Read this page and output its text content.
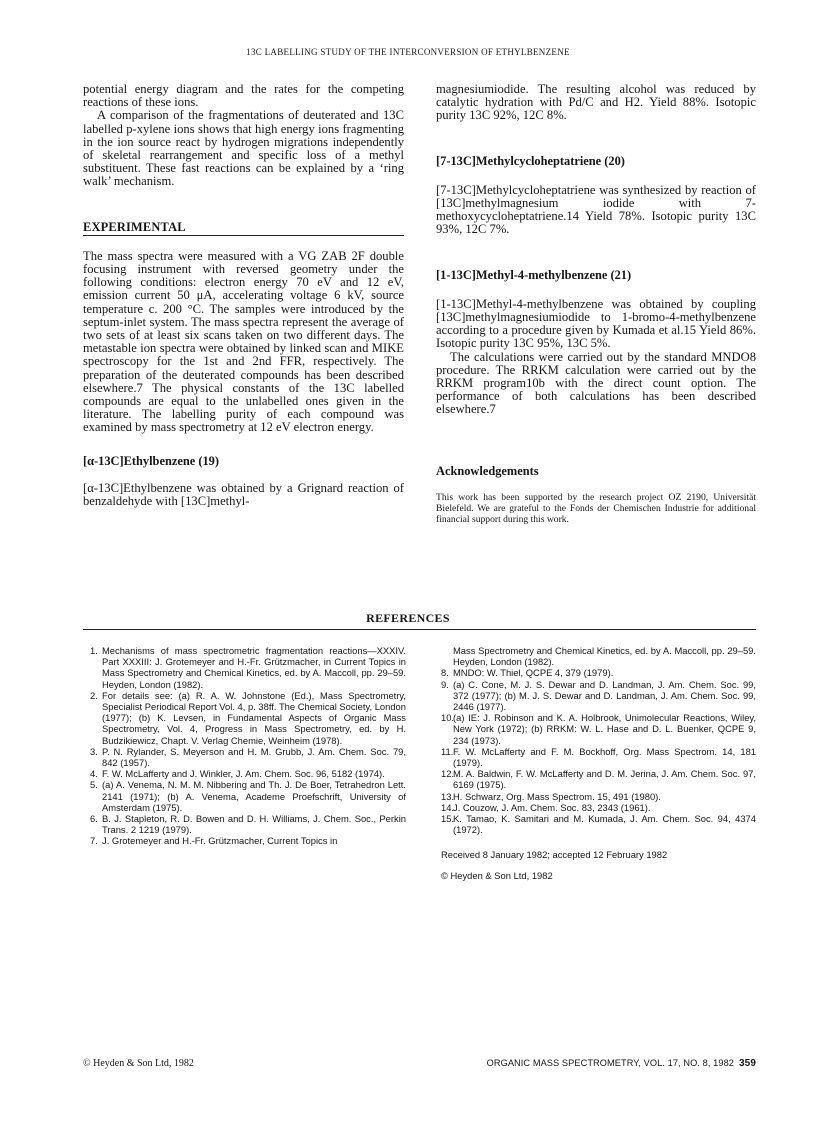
13C LABELLING STUDY OF THE INTERCONVERSION OF ETHYLBENZENE

potential energy diagram and the rates for the competing reactions of these ions.

A comparison of the fragmentations of deuterated and 13C labelled p-xylene ions shows that high energy ions fragmenting in the ion source react by hydrogen migrations independently of skeletal rearrangement and specific loss of a methyl substituent. These fast reactions can be explained by a ‘ring walk’ mechanism.

EXPERIMENTAL

The mass spectra were measured with a VG ZAB 2F double focusing instrument with reversed geometry under the following conditions: electron energy 70 eV and 12 eV, emission current 50 μA, accelerating voltage 6 kV, source temperature c. 200 °C. The samples were introduced by the septum-inlet system. The mass spectra represent the average of two sets of at least six scans taken on two different days. The metastable ion spectra were obtained by linked scan and MIKE spectroscopy for the 1st and 2nd FFR, respectively. The preparation of the deuterated compounds has been described elsewhere.7 The physical constants of the 13C labelled compounds are equal to the unlabelled ones given in the literature. The labelling purity of each compound was examined by mass spectrometry at 12 eV electron energy.

[α-13C]Ethylbenzene (19)

[α-13C]Ethylbenzene was obtained by a Grignard reaction of benzaldehyde with [13C]methyl-

magnesiumiodide. The resulting alcohol was reduced by catalytic hydration with Pd/C and H2. Yield 88%. Isotopic purity 13C 92%, 12C 8%.

[7-13C]Methylcycloheptatriene (20)

[7-13C]Methylcycloheptatriene was synthesized by reaction of [13C]methylmagnesium iodide with 7-methoxycycloheptatriene.14 Yield 78%. Isotopic purity 13C 93%, 12C 7%.

[1-13C]Methyl-4-methylbenzene (21)

[1-13C]Methyl-4-methylbenzene was obtained by coupling [13C]methylmagnesiumiodide to 1-bromo-4-methylbenzene according to a procedure given by Kumada et al.15 Yield 86%. Isotopic purity 13C 95%, 13C 5%.

The calculations were carried out by the standard MNDO8 procedure. The RRKM calculation were carried out by the RRKM program10b with the direct count option. The performance of both calculations has been described elsewhere.7

Acknowledgements

This work has been supported by the research project OZ 2190, Universität Bielefeld. We are grateful to the Fonds der Chemischen Industrie for additional financial support during this work.

REFERENCES

1. Mechanisms of mass spectrometric fragmentation reactions—XXXIV. Part XXXIII: J. Grotemeyer and H.-Fr. Grützmacher, in Current Topics in Mass Spectrometry and Chemical Kinetics, ed. by A. Maccoll, pp. 29–59. Heyden, London (1982).

2. For details see: (a) R. A. W. Johnstone (Ed.), Mass Spectrometry, Specialist Periodical Report Vol. 4, p. 38ff. The Chemical Society, London (1977); (b) K. Levsen, in Fundamental Aspects of Organic Mass Spectrometry, Vol. 4, Progress in Mass Spectrometry, ed. by H. Budzikiewicz, Chapt. V. Verlag Chemie, Weinheim (1978).

3. P. N. Rylander, S. Meyerson and H. M. Grubb, J. Am. Chem. Soc. 79, 842 (1957).

4. F. W. McLafferty and J. Winkler, J. Am. Chem. Soc. 96, 5182 (1974).

5. (a) A. Venema, N. M. M. Nibbering and Th. J. De Boer, Tetrahedron Lett. 2141 (1971); (b) A. Venema, Academe Proefschrift, University of Amsterdam (1975).

6. B. J. Stapleton, R. D. Bowen and D. H. Williams, J. Chem. Soc., Perkin Trans. 2 1219 (1979).

7. J. Grotemeyer and H.-Fr. Grützmacher, Current Topics in

Mass Spectrometry and Chemical Kinetics, ed. by A. Maccoll, pp. 29–59. Heyden, London (1982).

8. MNDO: W. Thiel, QCPE 4, 379 (1979).

9. (a) C. Cone, M. J. S. Dewar and D. Landman, J. Am. Chem. Soc. 99, 372 (1977); (b) M. J. S. Dewar and D. Landman, J. Am. Chem. Soc. 99, 2446 (1977).

10.(a) IE: J. Robinson and K. A. Holbrook, Unimolecular Reactions, Wiley, New York (1972); (b) RRKM: W. L. Hase and D. L. Buenker, QCPE 9, 234 (1973).

11.F. W. McLafferty and F. M. Bockhoff, Org. Mass Spectrom. 14, 181 (1979).

12.M. A. Baldwin, F. W. McLafferty and D. M. Jerina, J. Am. Chem. Soc. 97, 6169 (1975).

13.H. Schwarz, Org. Mass Spectrom. 15, 491 (1980).

14.J. Couzow, J. Am. Chem. Soc. 83, 2343 (1961).

15.K. Tamao, K. Samitari and M. Kumada, J. Am. Chem. Soc. 94, 4374 (1972).

Received 8 January 1982; accepted 12 February 1982

© Heyden & Son Ltd, 1982

© Heyden & Son Ltd, 1982	ORGANIC MASS SPECTROMETRY, VOL. 17, NO. 8, 1982 359
